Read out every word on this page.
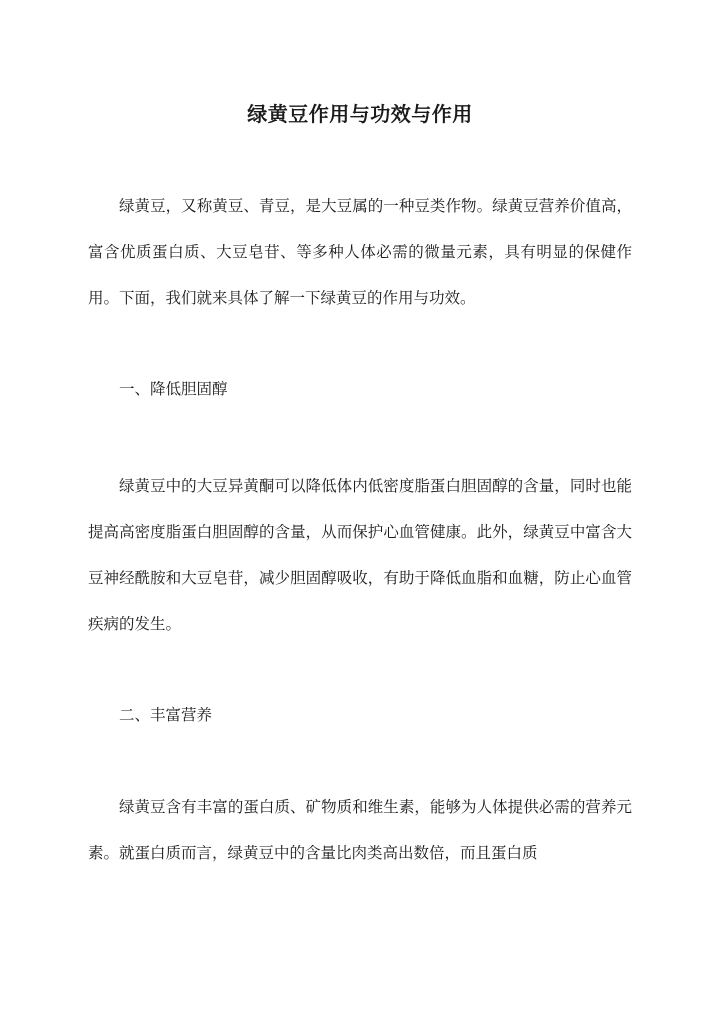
绿黄豆作用与功效与作用

绿黄豆，又称黄豆、青豆，是大豆属的一种豆类作物。绿黄豆营养价值高，富含优质蛋白质、大豆皂苷、等多种人体必需的微量元素，具有明显的保健作用。下面，我们就来具体了解一下绿黄豆的作用与功效。

一、降低胆固醇

绿黄豆中的大豆异黄酮可以降低体内低密度脂蛋白胆固醇的含量，同时也能提高高密度脂蛋白胆固醇的含量，从而保护心血管健康。此外，绿黄豆中富含大豆神经酰胺和大豆皂苷，减少胆固醇吸收，有助于降低血脂和血糖，防止心血管疾病的发生。

二、丰富营养

绿黄豆含有丰富的蛋白质、矿物质和维生素，能够为人体提供必需的营养元素。就蛋白质而言，绿黄豆中的含量比肉类高出数倍，而且蛋白质
